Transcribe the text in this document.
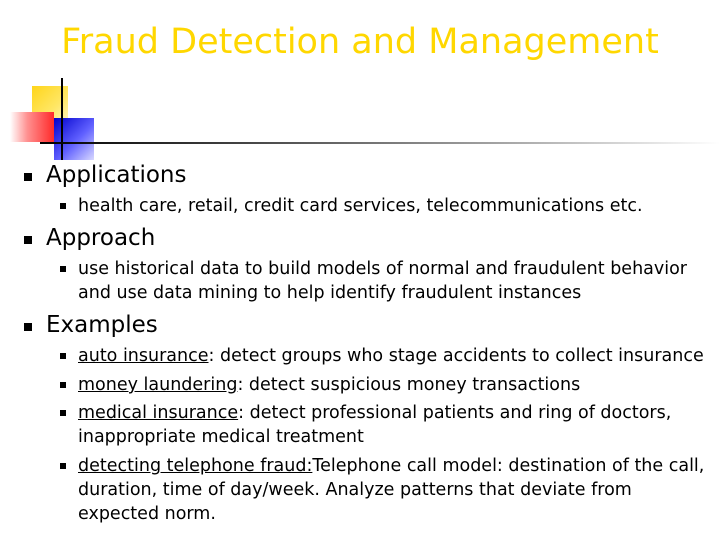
Fraud Detection and Management
Applications
health care, retail, credit card services, telecommunications etc.
Approach
use historical data to build models of normal and fraudulent behavior
and use data mining to help identify fraudulent instances
Examples
auto insurance: detect groups who stage accidents to collect insurance
money laundering: detect suspicious money transactions
medical insurance: detect professional patients and ring of doctors,
inappropriate medical treatment
detecting telephone fraud:Telephone call model: destination of the call,
duration, time of day/week. Analyze patterns that deviate from
expected norm.
